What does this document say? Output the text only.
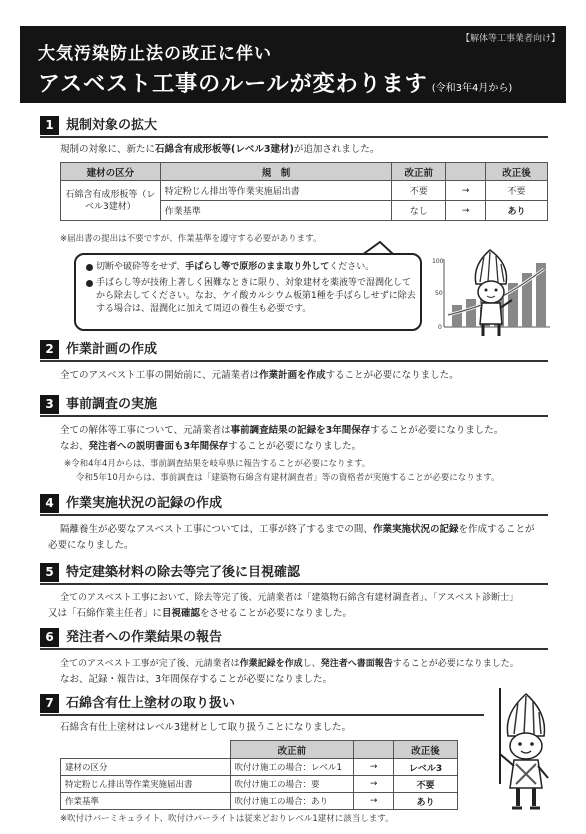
【解体等工事業者向け】
大気汚染防止法の改正に伴い
アスベスト工事のルールが変わります (令和3年4月から)
1 規制対象の拡大
規制の対象に、新たに石綿含有成形板等(レベル3建材)が追加されました。
建材の区分	規　制	改正前		改正後
石綿含有成形板等（レベル3建材）	特定粉じん排出等作業実施届出書	不要	→	不要
	作業基準	なし	→	あり
※届出書の提出は不要ですが、作業基準を遵守する必要があります。
切断や破砕等をせず、手ばらし等で原形のまま取り外してください。
手ばらし等が技術上著しく困難なときに限り、対象建材を薬液等で湿潤化してから除去してください。なお、ケイ酸カルシウム板第1種を手ばらしせずに除去する場合は、湿潤化に加えて周辺の養生も必要です。
100
50
0
2 作業計画の作成
全てのアスベスト工事の開始前に、元請業者は作業計画を作成することが必要になりました。
3 事前調査の実施
全ての解体等工事について、元請業者は事前調査結果の記録を3年間保存することが必要になりました。
なお、発注者への説明書面も3年間保存することが必要になりました。
※令和4年4月からは、事前調査結果を岐阜県に報告することが必要になります。
令和5年10月からは、事前調査は「建築物石綿含有建材調査者」等の資格者が実施することが必要になります。
4 作業実施状況の記録の作成
隔離養生が必要なアスベスト工事については、工事が終了するまでの間、作業実施状況の記録を作成することが
必要になりました。
5 特定建築材料の除去等完了後に目視確認
全てのアスベスト工事において、除去等完了後、元請業者は「建築物石綿含有建材調査者」、「アスベスト診断士」
又は「石綿作業主任者」に目視確認をさせることが必要になりました。
6 発注者への作業結果の報告
全てのアスベスト工事が完了後、元請業者は作業記録を作成し、発注者へ書面報告することが必要になりました。
なお、記録・報告は、3年間保存することが必要になりました。
7 石綿含有仕上塗材の取り扱い
石綿含有仕上塗材はレベル3建材として取り扱うことになりました。
	改正前		改正後
建材の区分	吹付け施工の場合：レベル1	→	レベル3
特定粉じん排出等作業実施届出書	吹付け施工の場合：要	→	不要
作業基準	吹付け施工の場合：あり	→	あり
※吹付けバーミキュライト、吹付けパーライトは従来どおりレベル1建材に該当します。
